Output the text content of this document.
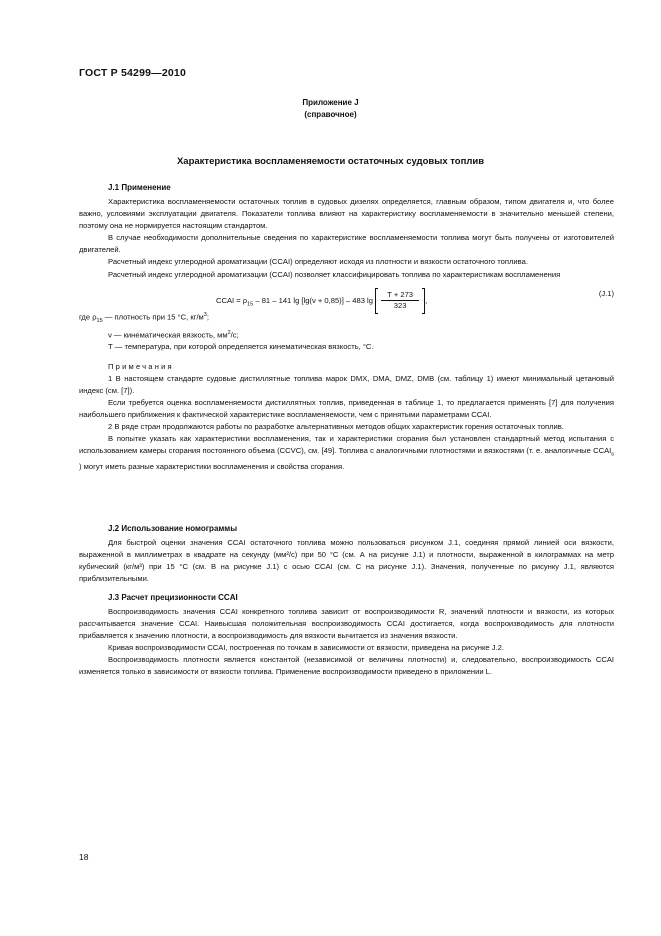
ГОСТ Р 54299—2010
Приложение J
(справочное)
Характеристика воспламеняемости остаточных судовых топлив
J.1 Применение

Характеристика воспламеняемости остаточных топлив в судовых дизелях определяется, главным образом, типом двигателя и, что более важно, условиями эксплуатации двигателя. Показатели топлива влияют на характеристику воспламеняемости в значительно меньшей степени, поэтому она не нормируется настоящим стандартом.

В случае необходимости дополнительные сведения по характеристике воспламеняемости топлива могут быть получены от изготовителей двигателей.

Расчетный индекс углеродной ароматизации (CCAI) определяют исходя из плотности и вязкости остаточного топлива.

Расчетный индекс углеродной ароматизации (CCAI) позволяет классифицировать топлива по характеристикам воспламенения

CCAI = $\rho_{15} - 81 - 141$ lg [lg(ν + 0,85)] – 483 $\lg \frac{T + 273}{323}$ ,
(J.1)

где $\rho_{15}$ — плотность при 15 °С, $кг/м^3$;

ν — кинематическая вязкость, $мм^2/с$;

Т — температура, при которой определяется кинематическая вязкость, °С.

Примечания

1 В настоящем стандарте судовые дистиллятные топлива марок DMX, DMA, DMZ, DMB (см. таблицу 1) имеют минимальный цетановый индекс (см. [7]).

Если требуется оценка воспламеняемости дистиллятных топлив, приведенная в таблице 1, то предлагается применять [7] для получения наибольшего приближения к фактической характеристике воспламеняемости, чем с принятыми параметрами CCAI.

2 В ряде стран продолжаются работы по разработке альтернативных методов общих характеристик горения остаточных топлив.

В попытке указать как характеристики воспламенения, так и характеристики сгорания был установлен стандартный метод испытания с использованием камеры сгорания постоянного объема (CCVC), см. [49]. Топлива с аналогичными плотностями и вязкостями (т. е. аналогичные $CCAI_s$ ) могут иметь разные характеристики воспламенения и свойства сгорания.

J.2 Использование номограммы

Для быстрой оценки значения CCAI остаточного топлива можно пользоваться рисунком J.1, соединяя прямой линией оси вязкости, выраженной в миллиметрах в квадрате на секунду (мм²/с) при 50 °С (см. А на рисунке J.1) и плотности, выраженной в килограммах на метр кубический (кг/м³) при 15 °С (см. В на рисунке J.1) с осью CCAI (см. С на рисунке J.1). Значения, полученные по рисунку J.1, являются приблизительными.

J.3 Расчет прецизионности CCAI

Воспроизводимость значения CCAI конкретного топлива зависит от воспроизводимости R, значений плотности и вязкости, из которых рассчитывается значение CCAI. Наивысшая положительная воспроизводимость CCAI достигается, когда воспроизводимость для плотности прибавляется к значению плотности, а воспроизводимость для вязкости вычитается из значения вязкости.

Кривая воспроизводимости CCAI, построенная по точкам в зависимости от вязкости, приведена на рисунке J.2.

Воспроизводимость плотности является константой (независимой от величины плотности) и, следовательно, воспроизводимость CCAI изменяется только в зависимости от вязкости топлива. Применение воспроизводимости приведено в приложении L.

18
